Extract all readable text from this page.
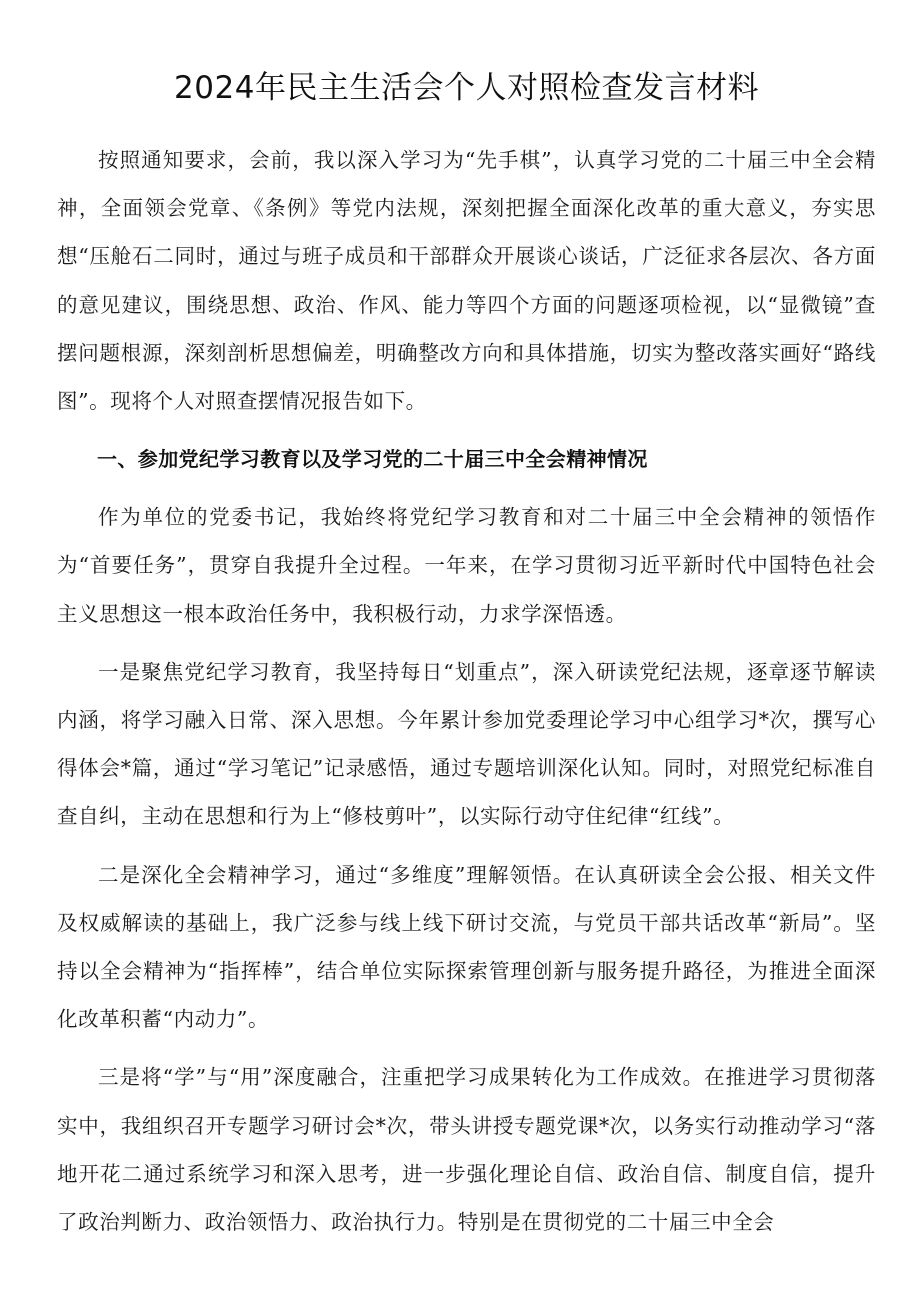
2024年民主生活会个人对照检查发言材料

按照通知要求，会前，我以深入学习为“先手棋”，认真学习党的二十届三中全会精神，全面领会党章、《条例》等党内法规，深刻把握全面深化改革的重大意义，夯实思想“压舱石二同时，通过与班子成员和干部群众开展谈心谈话，广泛征求各层次、各方面的意见建议，围绕思想、政治、作风、能力等四个方面的问题逐项检视，以“显微镜”查摆问题根源，深刻剖析思想偏差，明确整改方向和具体措施，切实为整改落实画好“路线图”。现将个人对照查摆情况报告如下。

一、参加党纪学习教育以及学习党的二十届三中全会精神情况

作为单位的党委书记，我始终将党纪学习教育和对二十届三中全会精神的领悟作为“首要任务”，贯穿自我提升全过程。一年来，在学习贯彻习近平新时代中国特色社会主义思想这一根本政治任务中，我积极行动，力求学深悟透。

一是聚焦党纪学习教育，我坚持每日“划重点”，深入研读党纪法规，逐章逐节解读内涵，将学习融入日常、深入思想。今年累计参加党委理论学习中心组学习*次，撰写心得体会*篇，通过“学习笔记”记录感悟，通过专题培训深化认知。同时，对照党纪标准自查自纠，主动在思想和行为上“修枝剪叶”，以实际行动守住纪律“红线”。

二是深化全会精神学习，通过“多维度”理解领悟。在认真研读全会公报、相关文件及权威解读的基础上，我广泛参与线上线下研讨交流，与党员干部共话改革“新局”。坚持以全会精神为“指挥棒”，结合单位实际探索管理创新与服务提升路径，为推进全面深化改革积蓄“内动力”。

三是将“学”与“用”深度融合，注重把学习成果转化为工作成效。在推进学习贯彻落实中，我组织召开专题学习研讨会*次，带头讲授专题党课*次，以务实行动推动学习“落地开花二通过系统学习和深入思考，进一步强化理论自信、政治自信、制度自信，提升了政治判断力、政治领悟力、政治执行力。特别是在贯彻党的二十届三中全会
